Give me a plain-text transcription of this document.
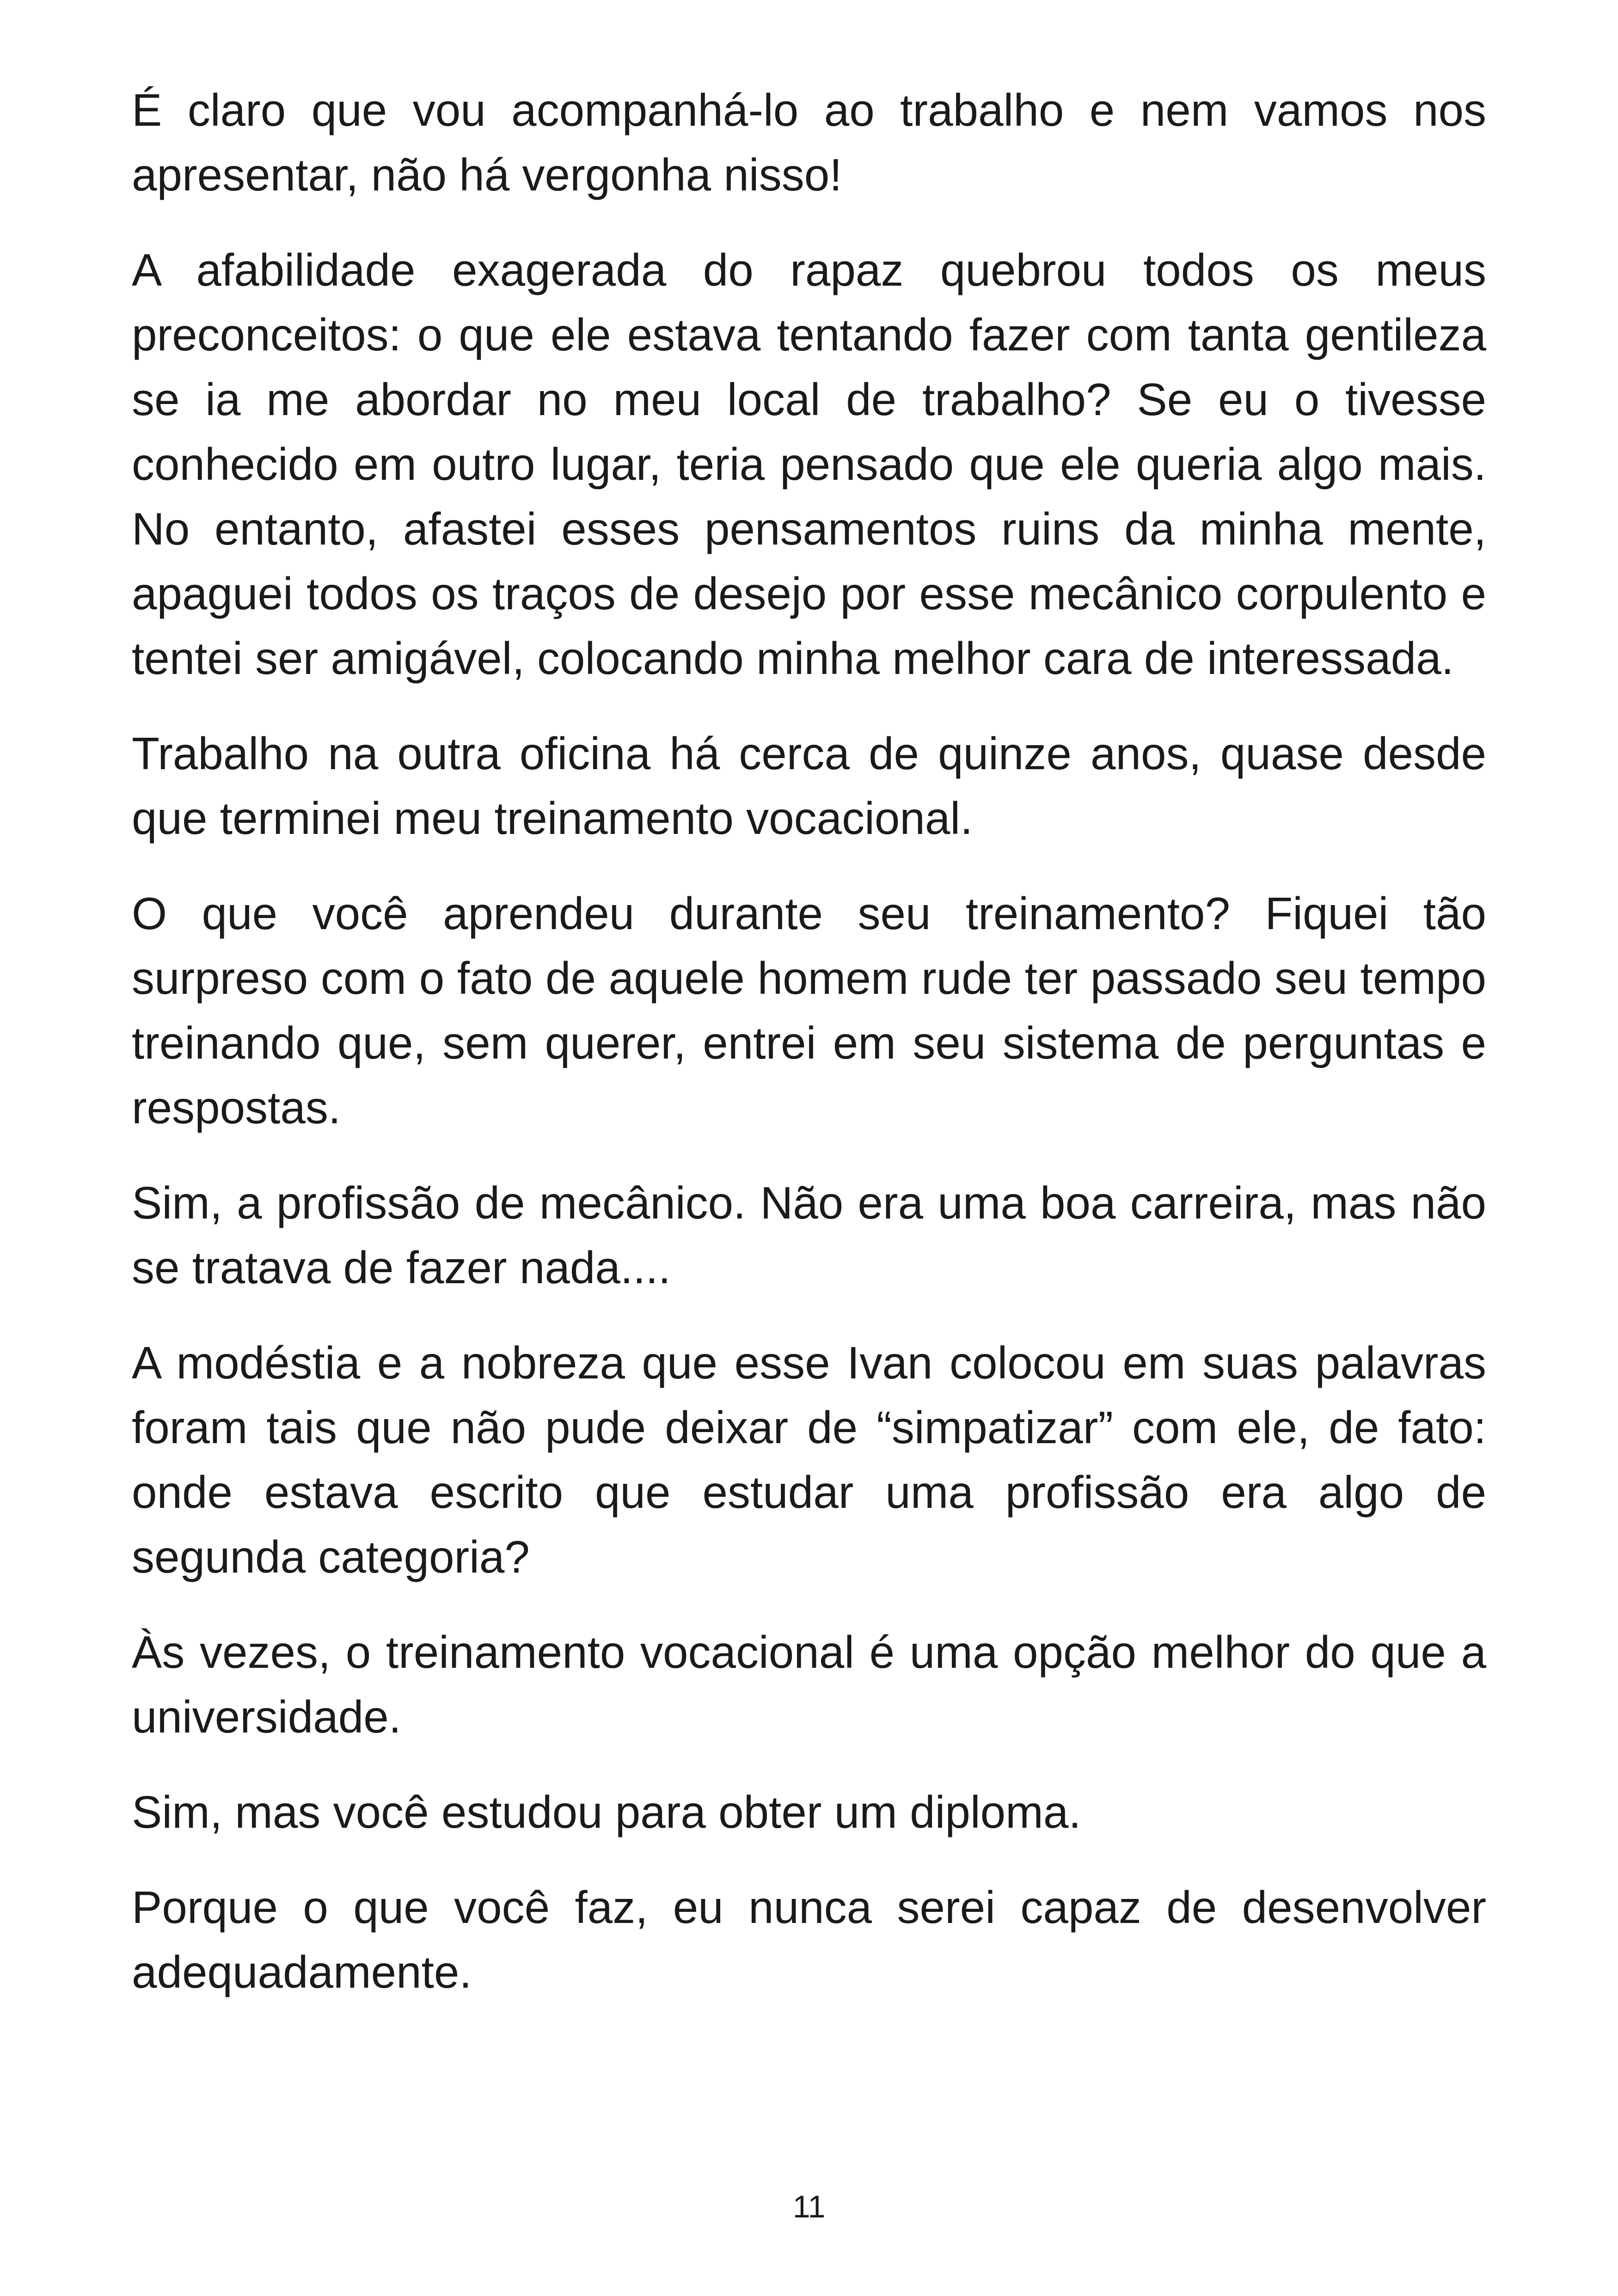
É claro que vou acompanhá-lo ao trabalho e nem vamos nos apresentar, não há vergonha nisso!

A afabilidade exagerada do rapaz quebrou todos os meus preconceitos: o que ele estava tentando fazer com tanta gentileza se ia me abordar no meu local de trabalho? Se eu o tivesse conhecido em outro lugar, teria pensado que ele queria algo mais. No entanto, afastei esses pensamentos ruins da minha mente, apaguei todos os traços de desejo por esse mecânico corpulento e tentei ser amigável, colocando minha melhor cara de interessada.

Trabalho na outra oficina há cerca de quinze anos, quase desde que terminei meu treinamento vocacional.

O que você aprendeu durante seu treinamento? Fiquei tão surpreso com o fato de aquele homem rude ter passado seu tempo treinando que, sem querer, entrei em seu sistema de perguntas e respostas.

Sim, a profissão de mecânico. Não era uma boa carreira, mas não se tratava de fazer nada....

A modéstia e a nobreza que esse Ivan colocou em suas palavras foram tais que não pude deixar de “simpatizar” com ele, de fato: onde estava escrito que estudar uma profissão era algo de segunda categoria?

Às vezes, o treinamento vocacional é uma opção melhor do que a universidade.

Sim, mas você estudou para obter um diploma.

Porque o que você faz, eu nunca serei capaz de desenvolver adequadamente.

11
